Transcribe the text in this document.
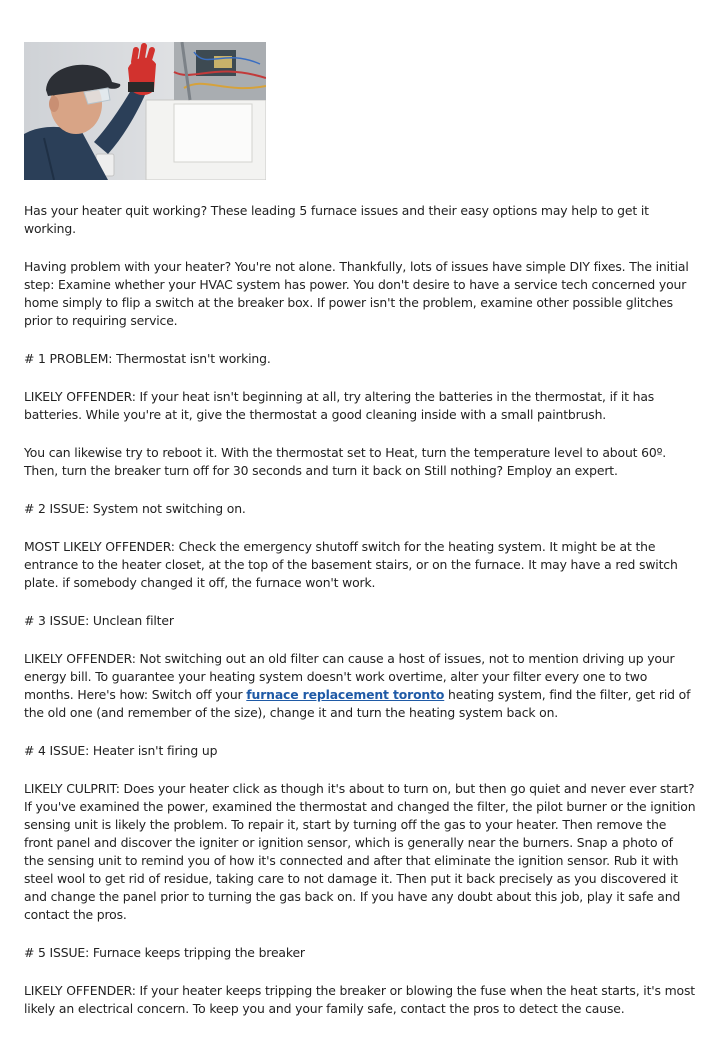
Has your heater quit working? These leading 5 furnace issues and their easy options may help to get it working.

Having problem with your heater? You're not alone. Thankfully, lots of issues have simple DIY fixes. The initial step: Examine whether your HVAC system has power. You don't desire to have a service tech concerned your home simply to flip a switch at the breaker box. If power isn't the problem, examine other possible glitches prior to requiring service.

# 1 PROBLEM: Thermostat isn't working.

LIKELY OFFENDER: If your heat isn't beginning at all, try altering the batteries in the thermostat, if it has batteries. While you're at it, give the thermostat a good cleaning inside with a small paintbrush.

You can likewise try to reboot it. With the thermostat set to Heat, turn the temperature level to about 60º. Then, turn the breaker turn off for 30 seconds and turn it back on Still nothing? Employ an expert.

# 2 ISSUE: System not switching on.

MOST LIKELY OFFENDER: Check the emergency shutoff switch for the heating system. It might be at the entrance to the heater closet, at the top of the basement stairs, or on the furnace. It may have a red switch plate. if somebody changed it off, the furnace won't work.

# 3 ISSUE: Unclean filter

LIKELY OFFENDER: Not switching out an old filter can cause a host of issues, not to mention driving up your energy bill. To guarantee your heating system doesn't work overtime, alter your filter every one to two months. Here's how: Switch off your furnace replacement toronto heating system, find the filter, get rid of the old one (and remember of the size), change it and turn the heating system back on.

# 4 ISSUE: Heater isn't firing up

LIKELY CULPRIT: Does your heater click as though it's about to turn on, but then go quiet and never ever start? If you've examined the power, examined the thermostat and changed the filter, the pilot burner or the ignition sensing unit is likely the problem. To repair it, start by turning off the gas to your heater. Then remove the front panel and discover the igniter or ignition sensor, which is generally near the burners. Snap a photo of the sensing unit to remind you of how it's connected and after that eliminate the ignition sensor. Rub it with steel wool to get rid of residue, taking care to not damage it. Then put it back precisely as you discovered it and change the panel prior to turning the gas back on. If you have any doubt about this job, play it safe and contact the pros.

# 5 ISSUE: Furnace keeps tripping the breaker

LIKELY OFFENDER: If your heater keeps tripping the breaker or blowing the fuse when the heat starts, it's most likely an electrical concern. To keep you and your family safe, contact the pros to detect the cause.
